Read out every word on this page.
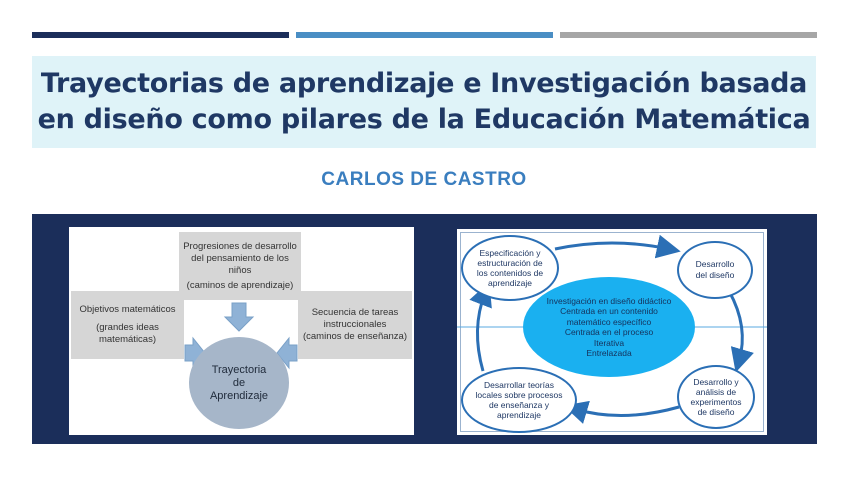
Trayectorias de aprendizaje e Investigación basada
en diseño como pilares de la Educación Matemática
CARLOS DE CASTRO
Progresiones de desarrollo
del pensamiento de los
niños
(caminos de aprendizaje)
Objetivos matemáticos
(grandes ideas
matemáticas)
Secuencia de tareas
instruccionales
(caminos de enseñanza)
Trayectoria
de
Aprendizaje
Especificación y
estructuración de
los contenidos de
aprendizaje
Desarrollo
del diseño
Desarrollo y
análisis de
experimentos
de diseño
Desarrollar teorías
locales sobre procesos
de enseñanza y
aprendizaje
Investigación en diseño didáctico
Centrada en un contenido
matemático específico
Centrada en el proceso
Iterativa
Entrelazada
